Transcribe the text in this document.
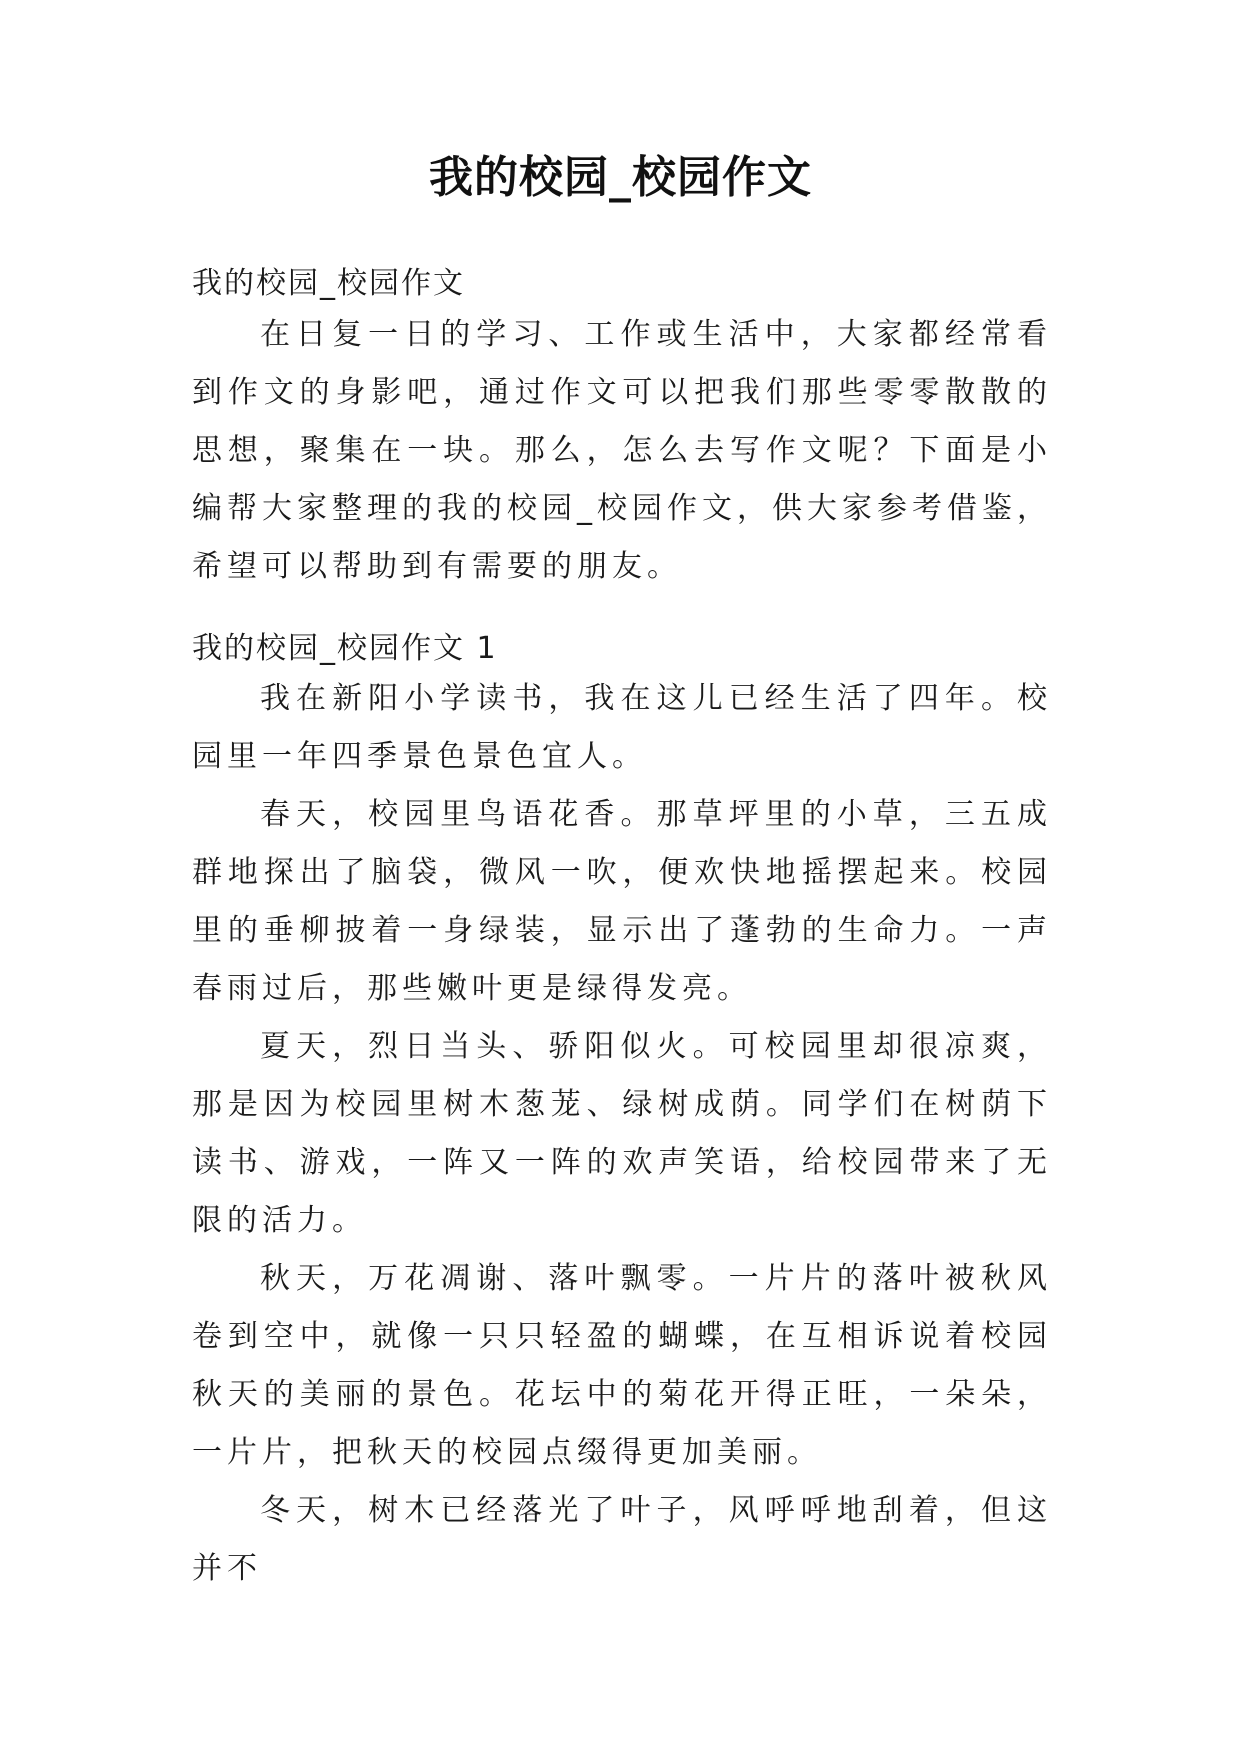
我的校园_校园作文
我的校园_校园作文

在日复一日的学习、工作或生活中，大家都经常看到作文的身影吧，通过作文可以把我们那些零零散散的思想，聚集在一块。那么，怎么去写作文呢？下面是小编帮大家整理的我的校园_校园作文，供大家参考借鉴，希望可以帮助到有需要的朋友。

我的校园_校园作文 1

我在新阳小学读书，我在这儿已经生活了四年。校园里一年四季景色景色宜人。

春天，校园里鸟语花香。那草坪里的小草，三五成群地探出了脑袋，微风一吹，便欢快地摇摆起来。校园里的垂柳披着一身绿装，显示出了蓬勃的生命力。一声春雨过后，那些嫩叶更是绿得发亮。

夏天，烈日当头、骄阳似火。可校园里却很凉爽，那是因为校园里树木葱茏、绿树成荫。同学们在树荫下读书、游戏，一阵又一阵的欢声笑语，给校园带来了无限的活力。

秋天，万花凋谢、落叶飘零。一片片的落叶被秋风卷到空中，就像一只只轻盈的蝴蝶，在互相诉说着校园秋天的美丽的景色。花坛中的菊花开得正旺，一朵朵，一片片，把秋天的校园点缀得更加美丽。

冬天，树木已经落光了叶子，风呼呼地刮着，但这并不
